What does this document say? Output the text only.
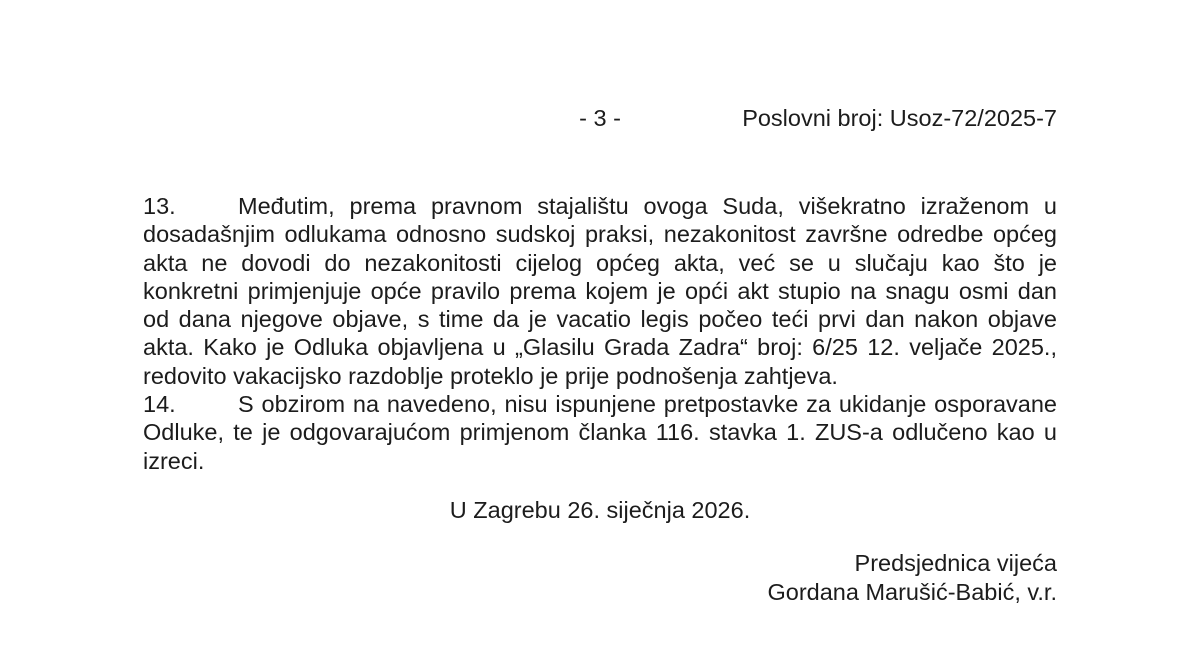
- 3 -	Poslovni broj: Usoz-72/2025-7
13.	Međutim, prema pravnom stajalištu ovoga Suda, višekratno izraženom u
dosadašnjim odlukama odnosno sudskoj praksi, nezakonitost završne odredbe općeg
akta ne dovodi do nezakonitosti cijelog općeg akta, već se u slučaju kao što je
konkretni primjenjuje opće pravilo prema kojem je opći akt stupio na snagu osmi dan
od dana njegove objave, s time da je vacatio legis počeo teći prvi dan nakon objave
akta. Kako je Odluka objavljena u „Glasilu Grada Zadra“ broj: 6/25 12. veljače 2025.,
redovito vakacijsko razdoblje proteklo je prije podnošenja zahtjeva.
14.	S obzirom na navedeno, nisu ispunjene pretpostavke za ukidanje osporavane
Odluke, te je odgovarajućom primjenom članka 116. stavka 1. ZUS-a odlučeno kao u
izreci.
U Zagrebu 26. siječnja 2026.
Predsjednica vijeća
Gordana Marušić-Babić, v.r.
